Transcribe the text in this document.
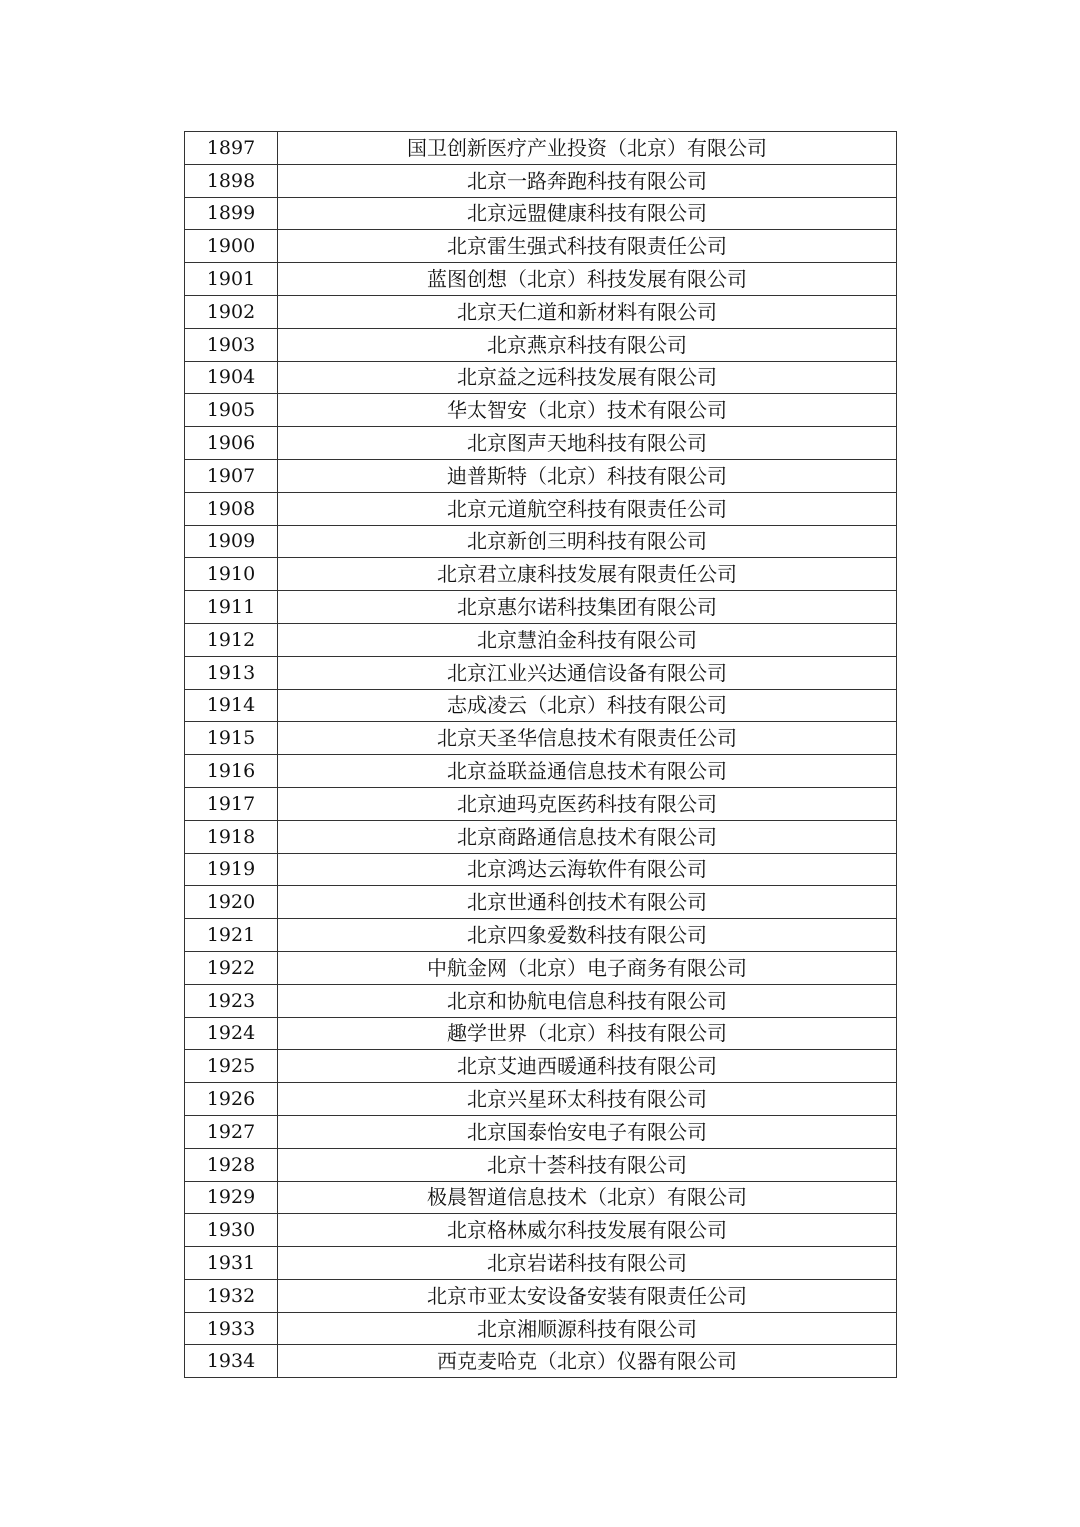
1897	国卫创新医疗产业投资（北京）有限公司
1898	北京一路奔跑科技有限公司
1899	北京远盟健康科技有限公司
1900	北京雷生强式科技有限责任公司
1901	蓝图创想（北京）科技发展有限公司
1902	北京天仁道和新材料有限公司
1903	北京燕京科技有限公司
1904	北京益之远科技发展有限公司
1905	华太智安（北京）技术有限公司
1906	北京图声天地科技有限公司
1907	迪普斯特（北京）科技有限公司
1908	北京元道航空科技有限责任公司
1909	北京新创三明科技有限公司
1910	北京君立康科技发展有限责任公司
1911	北京惠尔诺科技集团有限公司
1912	北京慧泊金科技有限公司
1913	北京江业兴达通信设备有限公司
1914	志成凌云（北京）科技有限公司
1915	北京天圣华信息技术有限责任公司
1916	北京益联益通信息技术有限公司
1917	北京迪玛克医药科技有限公司
1918	北京商路通信息技术有限公司
1919	北京鸿达云海软件有限公司
1920	北京世通科创技术有限公司
1921	北京四象爱数科技有限公司
1922	中航金网（北京）电子商务有限公司
1923	北京和协航电信息科技有限公司
1924	趣学世界（北京）科技有限公司
1925	北京艾迪西暖通科技有限公司
1926	北京兴星环太科技有限公司
1927	北京国泰怡安电子有限公司
1928	北京十荟科技有限公司
1929	极晨智道信息技术（北京）有限公司
1930	北京格林威尔科技发展有限公司
1931	北京岩诺科技有限公司
1932	北京市亚太安设备安装有限责任公司
1933	北京湘顺源科技有限公司
1934	西克麦哈克（北京）仪器有限公司
